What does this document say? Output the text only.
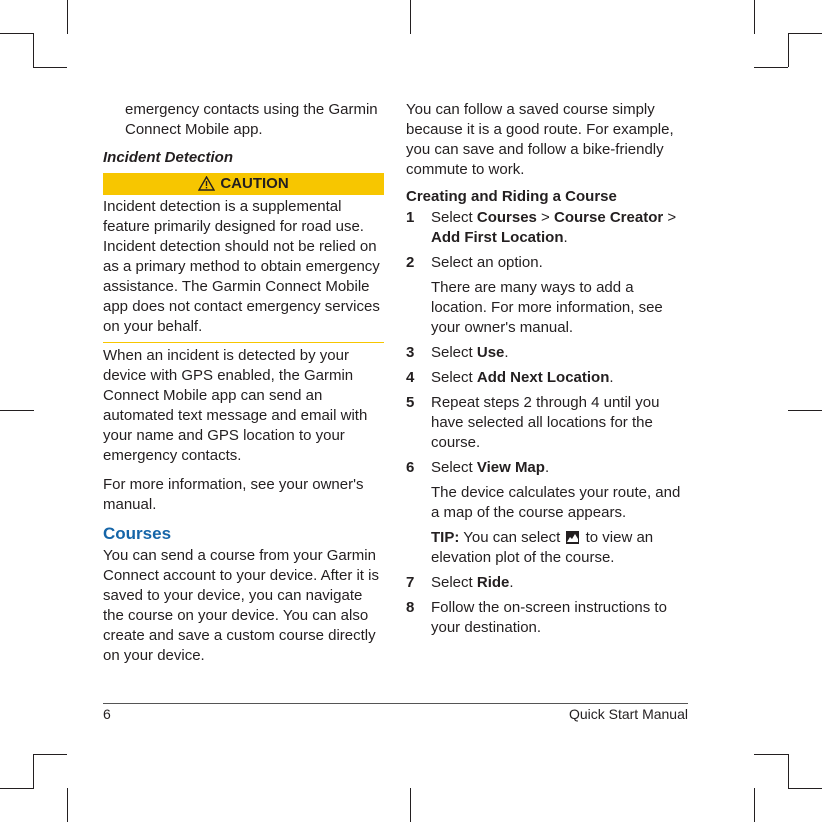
emergency contacts using the Garmin Connect Mobile app.

Incident Detection

CAUTION

Incident detection is a supplemental feature primarily designed for road use. Incident detection should not be relied on as a primary method to obtain emergency assistance. The Garmin Connect Mobile app does not contact emergency services on your behalf.

When an incident is detected by your device with GPS enabled, the Garmin Connect Mobile app can send an automated text message and email with your name and GPS location to your emergency contacts.

For more information, see your owner's manual.

Courses

You can send a course from your Garmin Connect account to your device. After it is saved to your device, you can navigate the course on your device. You can also create and save a custom course directly on your device.

You can follow a saved course simply because it is a good route. For example, you can save and follow a bike-friendly commute to work.

Creating and Riding a Course

1 Select Courses > Course Creator > Add First Location.
2 Select an option.

There are many ways to add a location. For more information, see your owner's manual.

3 Select Use.
4 Select Add Next Location.
5 Repeat steps 2 through 4 until you have selected all locations for the course.
6 Select View Map.

The device calculates your route, and a map of the course appears.

TIP: You can select
to view an elevation plot of the course.

7 Select Ride.
8 Follow the on-screen instructions to your destination.
6	Quick Start Manual
